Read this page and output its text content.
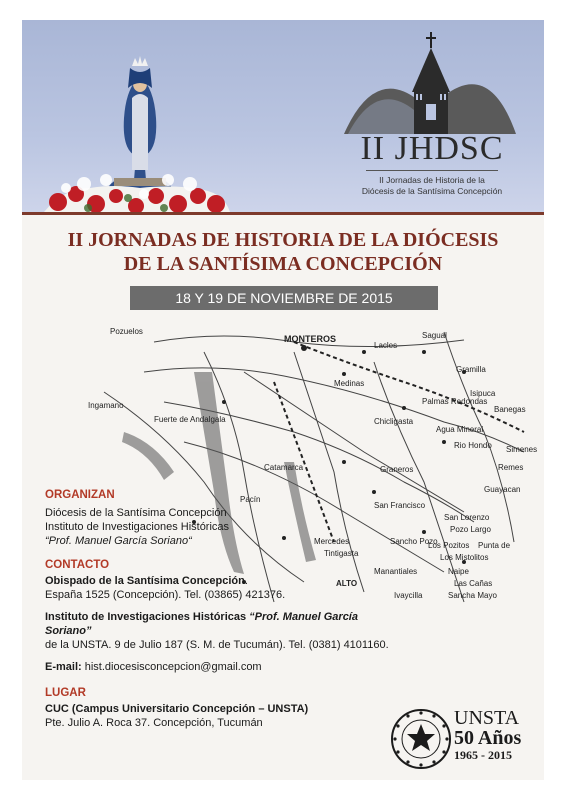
II JHDSC
II Jornadas de Historia de la
Diócesis de la Santísima Concepción
II JORNADAS DE HISTORIA DE LA DIÓCESIS
DE LA SANTÍSIMA CONCEPCIÓN
18 Y 19 DE NOVIEMBRE DE 2015
Pozuelos
MONTEROS	Sagual
Gramilla
Isipuca
Banegas
Lacles
Palmas Redondas
Agua Mineral
Rio Hondo Simenes
Remes
Ingamano
Fuerte de Andalgala
Medinas
Chicligasta
Graneros
San Francisco
San Lorenzo
Pozo Largo
Los Pozitos Punta de
Los Mistolitos
Naipe
Las Cañas
Sancha Mayo
Manantiales
Ivaycilla
Sancho Pozo
Tintigasta
ALTO
Catamarca
Pacín
Mercedes
Guayacan
ORGANIZAN
Diócesis de la Santísima Concepción
Instituto de Investigaciones Históricas
“Prof. Manuel García Soriano“
CONTACTO
Obispado de la Santísima Concepción.
España 1525 (Concepción). Tel. (03865) 421376.
Instituto de Investigaciones Históricas “Prof. Manuel García Soriano”
de la UNSTA. 9 de Julio 187 (S. M. de Tucumán). Tel. (0381) 4101160.
E-mail: hist.diocesisconcepcion@gmail.com
LUGAR
CUC (Campus Universitario Concepción – UNSTA)
Pte. Julio A. Roca 37. Concepción, Tucumán	UNSTA
50 Años
1965 - 2015
